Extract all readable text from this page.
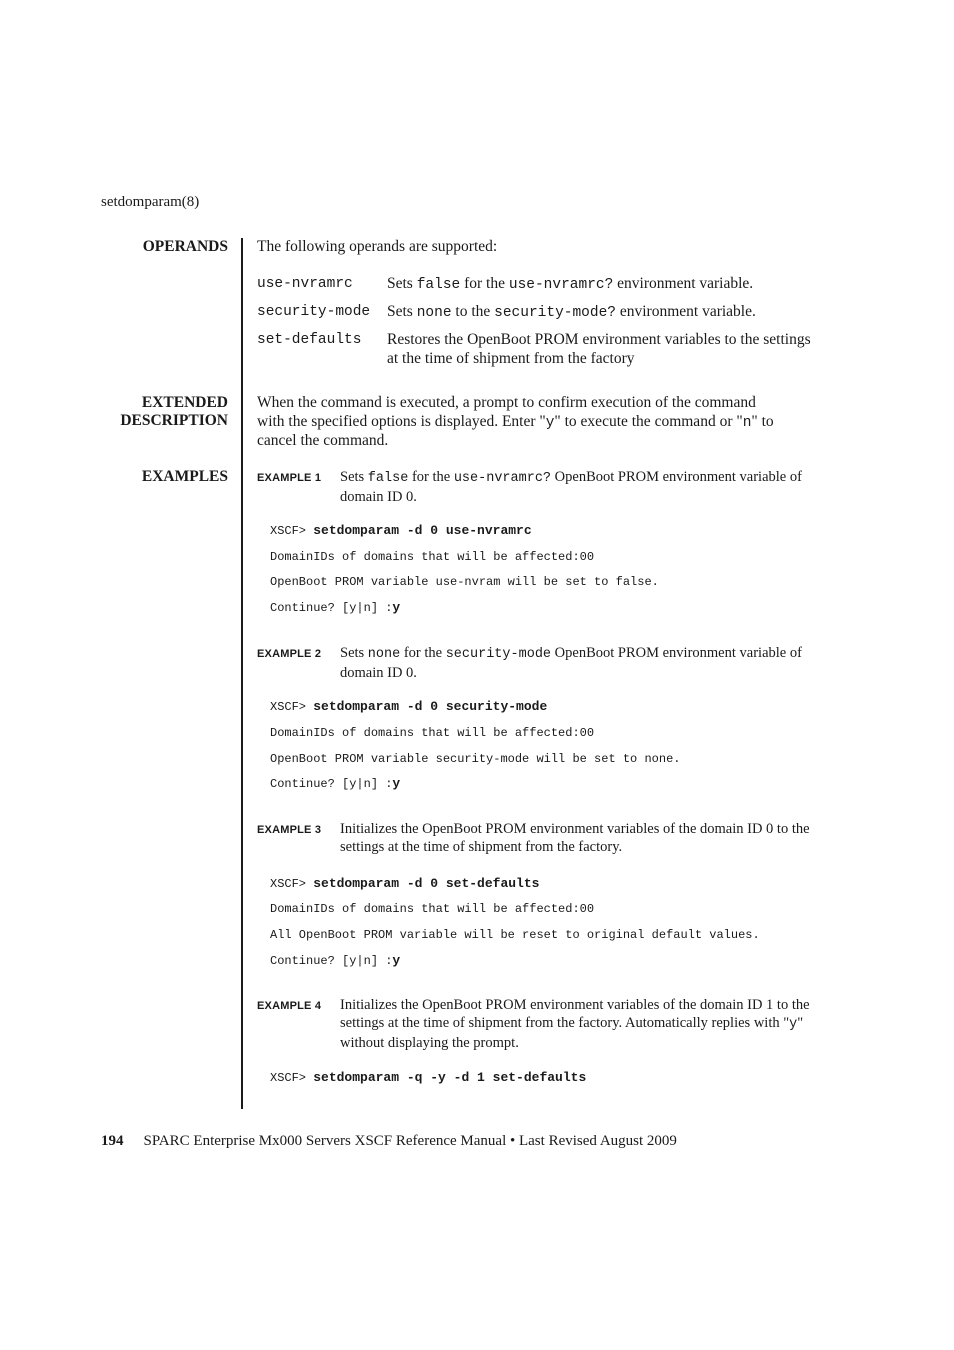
setdomparam(8)
OPERANDS The following operands are supported:
use-nvramrc Sets false for the use-nvramrc? environment variable.
security-mode Sets none to the security-mode? environment variable.
set-defaults Restores the OpenBoot PROM environment variables to the settings at the time of shipment from the factory
EXTENDED
DESCRIPTION
When the command is executed, a prompt to confirm execution of the command
with the specified options is displayed. Enter "y" to execute the command or "n" to
cancel the command.
EXAMPLES	EXAMPLE 1 Sets false for the use-nvramrc? OpenBoot PROM environment variable of domain ID 0.
XSCF> setdomparam -d 0 use-nvramrc
DomainIDs of domains that will be affected:00
OpenBoot PROM variable use-nvram will be set to false.
Continue? [y|n] :y
EXAMPLE 2 Sets none for the security-mode OpenBoot PROM environment variable of domain ID 0.
XSCF> setdomparam -d 0 security-mode
DomainIDs of domains that will be affected:00
OpenBoot PROM variable security-mode will be set to none.
Continue? [y|n] :y
EXAMPLE 3 Initializes the OpenBoot PROM environment variables of the domain ID 0 to the settings at the time of shipment from the factory.
XSCF> setdomparam -d 0 set-defaults
DomainIDs of domains that will be affected:00
All OpenBoot PROM variable will be reset to original default values.
Continue? [y|n] :y
EXAMPLE 4 Initializes the OpenBoot PROM environment variables of the domain ID 1 to the settings at the time of shipment from the factory. Automatically replies with "y" without displaying the prompt.
XSCF> setdomparam -q -y -d 1 set-defaults
194 SPARC Enterprise Mx000 Servers XSCF Reference Manual • Last Revised August 2009
